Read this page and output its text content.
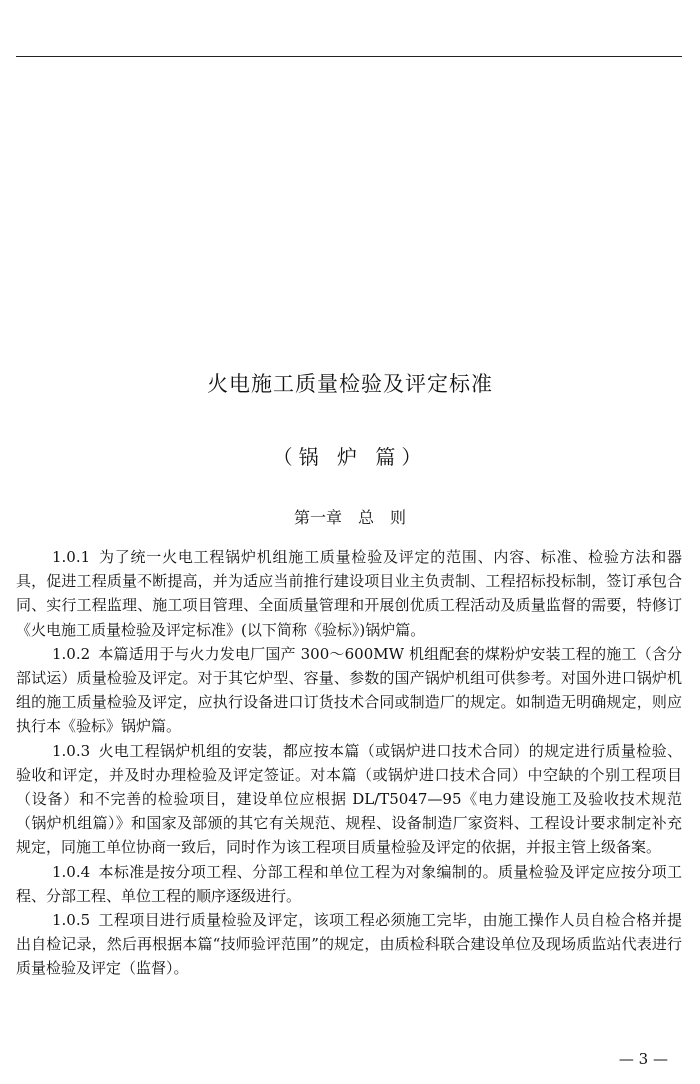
火电施工质量检验及评定标准
（锅 炉 篇）
第一章　总　则

1.0.1 为了统一火电工程锅炉机组施工质量检验及评定的范围、内容、标准、检验方法和器具，促进工程质量不断提高，并为适应当前推行建设项目业主负责制、工程招标投标制，签订承包合同、实行工程监理、施工项目管理、全面质量管理和开展创优质工程活动及质量监督的需要，特修订《火电施工质量检验及评定标准》(以下简称《验标》)锅炉篇。

1.0.2 本篇适用于与火力发电厂国产 300～600MW 机组配套的煤粉炉安装工程的施工（含分部试运）质量检验及评定。对于其它炉型、容量、参数的国产锅炉机组可供参考。对国外进口锅炉机组的施工质量检验及评定，应执行设备进口订货技术合同或制造厂的规定。如制造无明确规定，则应执行本《验标》锅炉篇。

1.0.3 火电工程锅炉机组的安装，都应按本篇（或锅炉进口技术合同）的规定进行质量检验、验收和评定，并及时办理检验及评定签证。对本篇（或锅炉进口技术合同）中空缺的个别工程项目（设备）和不完善的检验项目，建设单位应根据 DL/T5047—95《电力建设施工及验收技术规范（锅炉机组篇）》和国家及部颁的其它有关规范、规程、设备制造厂家资料、工程设计要求制定补充规定，同施工单位协商一致后，同时作为该工程项目质量检验及评定的依据，并报主管上级备案。

1.0.4 本标准是按分项工程、分部工程和单位工程为对象编制的。质量检验及评定应按分项工程、分部工程、单位工程的顺序逐级进行。

1.0.5 工程项目进行质量检验及评定，该项工程必须施工完毕，由施工操作人员自检合格并提出自检记录，然后再根据本篇“技师验评范围”的规定，由质检科联合建设单位及现场质监站代表进行质量检验及评定（监督）。

— 3 —
